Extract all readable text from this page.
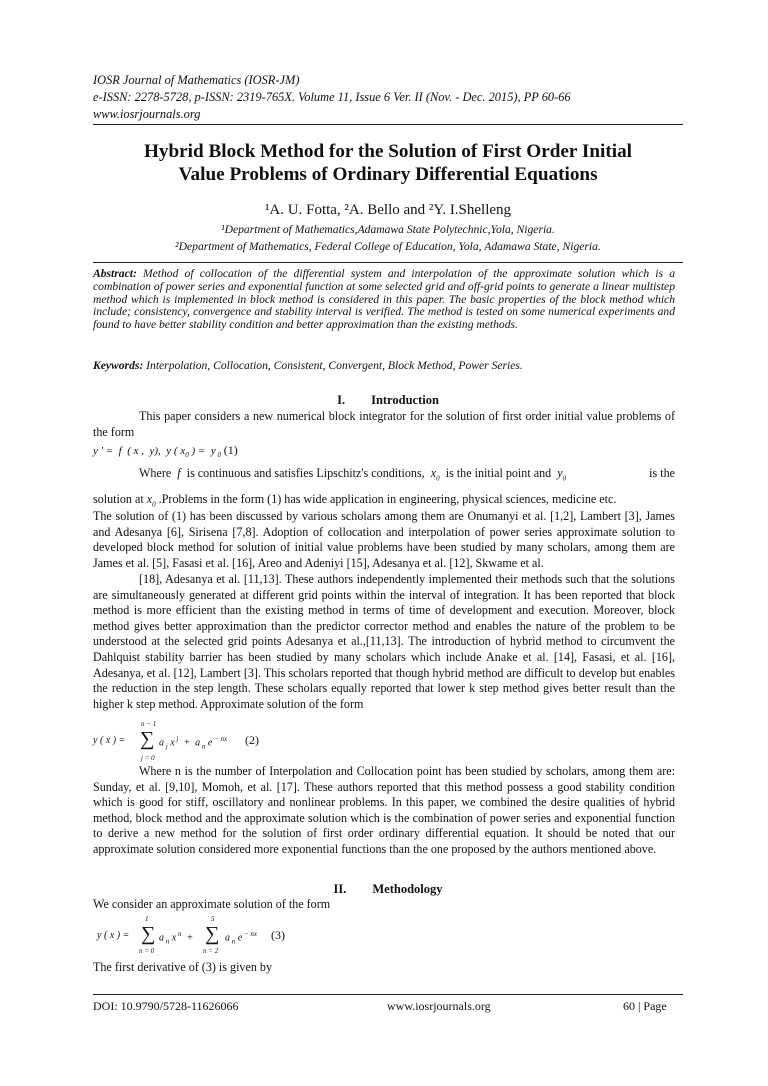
IOSR Journal of Mathematics (IOSR-JM)
e-ISSN: 2278-5728, p-ISSN: 2319-765X. Volume 11, Issue 6 Ver. II (Nov. - Dec. 2015), PP 60-66
www.iosrjournals.org
Hybrid Block Method for the Solution of First Order Initial
Value Problems of Ordinary Differential Equations
¹A. U. Fotta, ²A. Bello and ²Y. I.Shelleng
¹Department of Mathematics,Adamawa State Polytechnic,Yola, Nigeria.
²Department of Mathematics, Federal College of Education, Yola, Adamawa State, Nigeria.
Abstract: Method of collocation of the differential system and interpolation of the approximate solution which is a combination of power series and exponential function at some selected grid and off-grid points to generate a linear multistep method which is implemented in block method is considered in this paper. The basic properties of the block method which include; consistency, convergence and stability interval is verified. The method is tested on some numerical experiments and found to have better stability condition and better approximation than the existing methods.
Keywords: Interpolation, Collocation, Consistent, Convergent, Block Method, Power Series.
I. Introduction
This paper considers a new numerical block integrator for the solution of first order initial value problems of the form
y ' =  f  ( x ,  y),  y ( $x_0$ ) =  y $_0$ (1)
Where  f  is continuous and satisfies Lipschitz's conditions,  $x_0$ is the initial point and  $y_0$	is the
solution at $x_0$ .Problems in the form (1) has wide application in engineering, physical sciences, medicine etc.
The solution of (1) has been discussed by various scholars among them are Onumanyi et al. [1,2], Lambert [3], James and Adesanya [6], Sirisena [7,8]. Adoption of collocation and interpolation of power series approximate solution to developed block method for solution of initial value problems have been studied by many scholars, among them are James et al. [5], Fasasi et al. [16], Areo and Adeniyi [15], Adesanya et al. [12], Skwame et al.
[18], Adesanya et al. [11,13]. These authors independently implemented their methods such that the solutions are simultaneously generated at different grid points within the interval of integration. It has been reported that block method is more efficient than the existing method in terms of time of development and execution. Moreover, block method gives better approximation than the predictor corrector method and enables the nature of the problem to be understood at the selected grid points Adesanya et al.,[11,13]. The introduction of hybrid method to circumvent the Dahlquist stability barrier has been studied by many scholars which include Anake et al. [14], Fasasi, et al. [16], Adesanya, et al. [12], Lambert [3]. This scholars reported that though hybrid method are difficult to develop but enables the reduction in the step length. These scholars equally reported that lower k step method gives better result than the higher k step method. Approximate solution of the form
n − 1
y ( x ) = ∑
j = 0
a $_j$ x $^j$  +  a $_n$ e $^{- nx}$ (2)
Where n is the number of Interpolation and Collocation point has been studied by scholars, among them are: Sunday, et al. [9,10], Momoh, et al. [17]. These authors reported that this method possess a good stability condition which is good for stiff, oscillatory and nonlinear problems. In this paper, we combined the desire qualities of hybrid method, block method and the approximate solution which is the combination of power series and exponential function to derive a new method for the solution of first order ordinary differential equation. It should be noted that our approximate solution considered more exponential functions than the one proposed by the authors mentioned above.
II. Methodology
We consider an approximate solution of the form
1
y ( x ) = ∑
n = 0
a $_n$ x $^n$  +
5
∑
n = 2
a $_n$ e $^{- nx}$ (3)
The first derivative of (3) is given by
DOI: 10.9790/5728-11626066	www.iosrjournals.org	60 | Page
